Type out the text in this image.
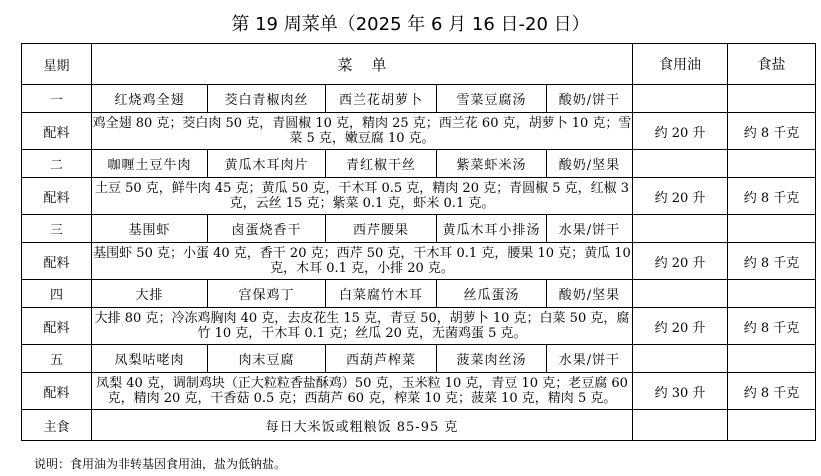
第 19 周菜单（2025 年 6 月 16 日-20 日）
星期	菜    单					食用油	食盐
一	红烧鸡全翅	茭白青椒肉丝	西兰花胡萝卜	雪菜豆腐汤	酸奶/饼干		
配料	鸡全翅 80 克；茭白肉 50 克，青圆椒 10 克，精肉 25 克；西兰花 60 克，胡萝卜 10 克；雪菜 5 克，嫩豆腐 10 克。					约 20 升	约 8 千克
二	咖喱土豆牛肉	黄瓜木耳肉片	青红椒干丝	紫菜虾米汤	酸奶/坚果		
配料	土豆 50 克，鲜牛肉 45 克；黄瓜 50 克，干木耳 0.5 克，精肉 20 克；青圆椒 5 克，红椒 3 克，云丝 15 克；紫菜 0.1 克，虾米 0.1 克。					约 20 升	约 8 千克
三	基围虾	卤蛋烧香干	西芹腰果	黄瓜木耳小排汤	水果/饼干		
配料	基围虾 50 克；小蛋 40 克，香干 20 克；西芹 50 克，干木耳 0.1 克，腰果 10 克；黄瓜 10 克，木耳 0.1 克，小排 20 克。					约 20 升	约 8 千克
四	大排	宫保鸡丁	白菜腐竹木耳	丝瓜蛋汤	酸奶/坚果		
配料	大排 80 克；冷冻鸡胸肉 40 克，去皮花生 15 克，青豆 50，胡萝卜 10 克；白菜 50 克，腐竹 10 克，干木耳 0.1 克；丝瓜 20 克，无菌鸡蛋 5 克。					约 20 升	约 8 千克
五	凤梨咕咾肉	肉末豆腐	西葫芦榨菜	菠菜肉丝汤	水果/饼干		
配料	凤梨 40 克，调制鸡块（正大粒粒香盐酥鸡）50 克，玉米粒 10 克，青豆 10 克；老豆腐 60 克，精肉 20 克，干香菇 0.5 克；西葫芦 60 克，榨菜 10 克；菠菜 10 克，精肉 5 克。					约 30 升	约 8 千克
主食	每日大米饭或粗粮饭 85-95 克						
说明：食用油为非转基因食用油，盐为低钠盐。
